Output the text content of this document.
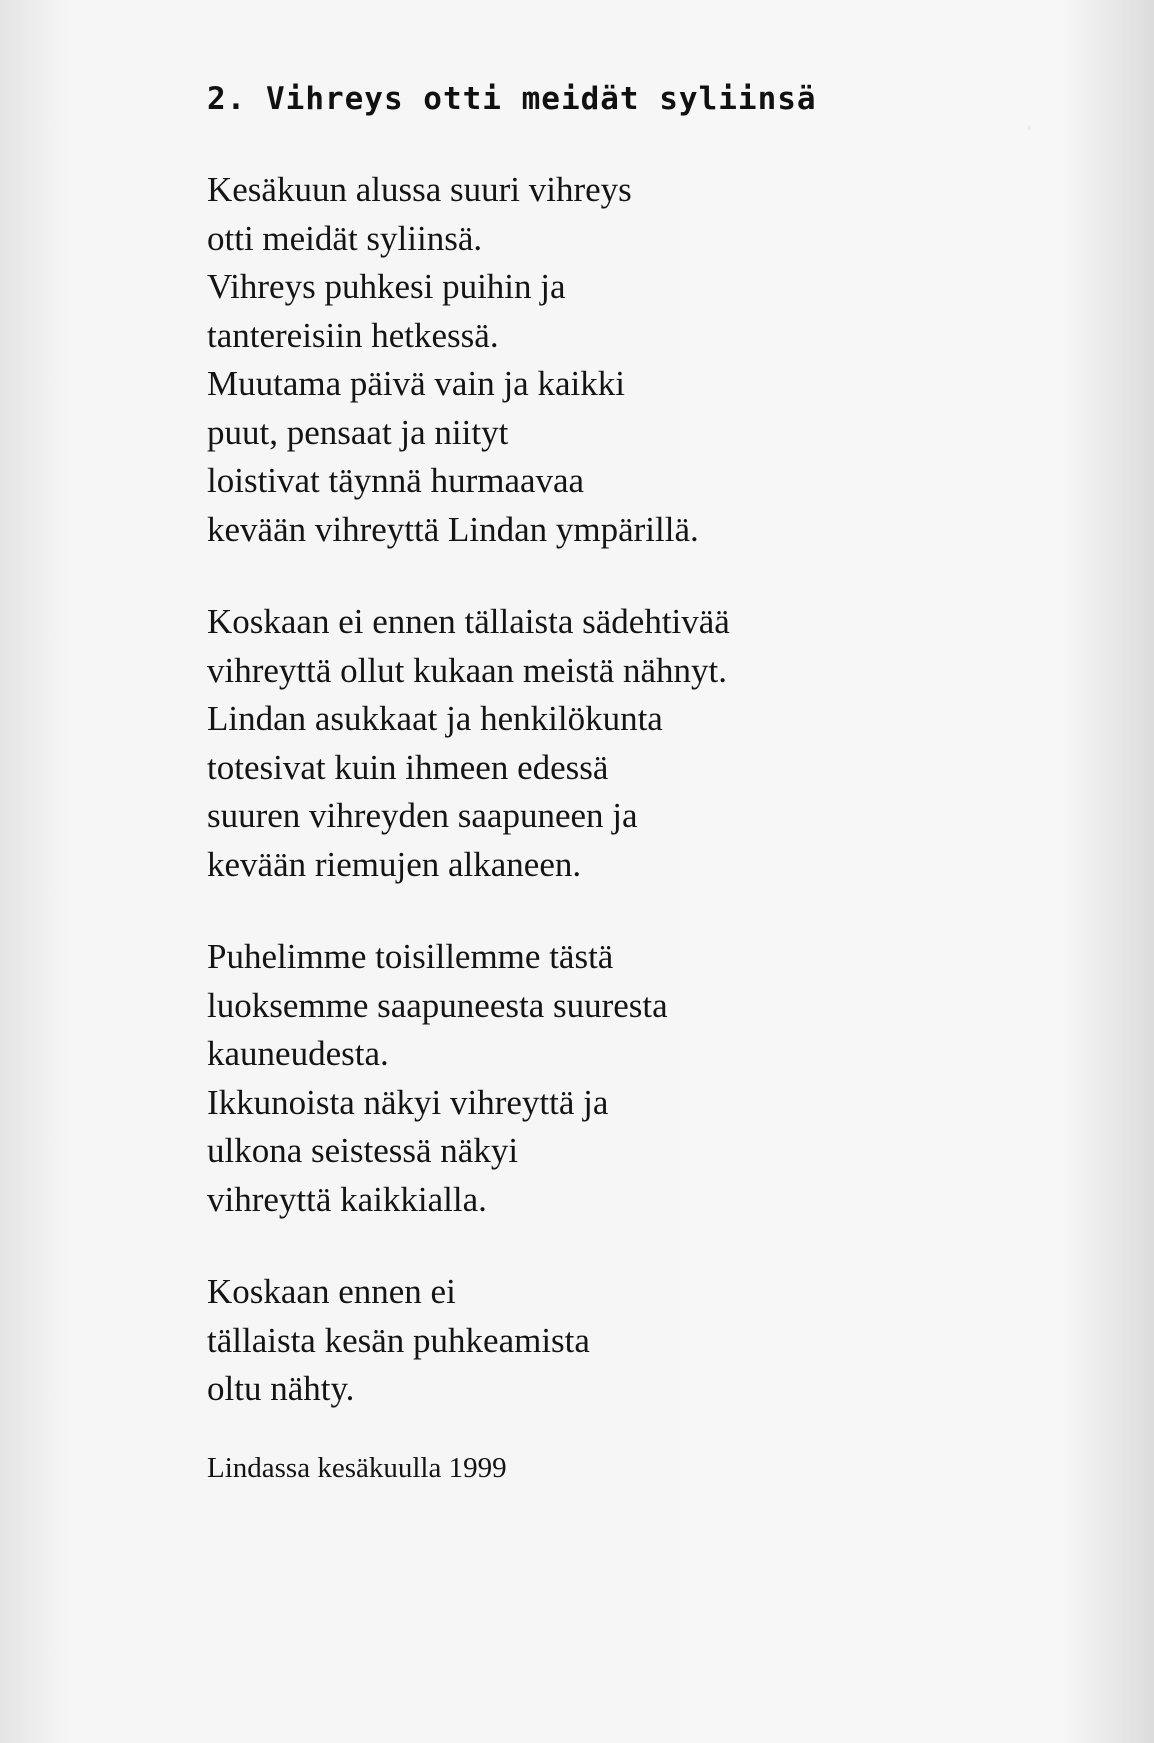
2. Vihreys otti meidät syliinsä
Kesäkuun alussa suuri vihreys
otti meidät syliinsä.
Vihreys puhkesi puihin ja
tantereisiin hetkessä.
Muutama päivä vain ja kaikki
puut, pensaat ja niityt
loistivat täynnä hurmaavaa
kevään vihreyttä Lindan ympärillä.
Koskaan ei ennen tällaista sädehtivää
vihreyttä ollut kukaan meistä nähnyt.
Lindan asukkaat ja henkilökunta
totesivat kuin ihmeen edessä
suuren vihreyden saapuneen ja
kevään riemujen alkaneen.
Puhelimme toisillemme tästä
luoksemme saapuneesta suuresta
kauneudesta.
Ikkunoista näkyi vihreyttä ja
ulkona seistessä näkyi
vihreyttä kaikkialla.
Koskaan ennen ei
tällaista kesän puhkeamista
oltu nähty.
Lindassa kesäkuulla 1999
